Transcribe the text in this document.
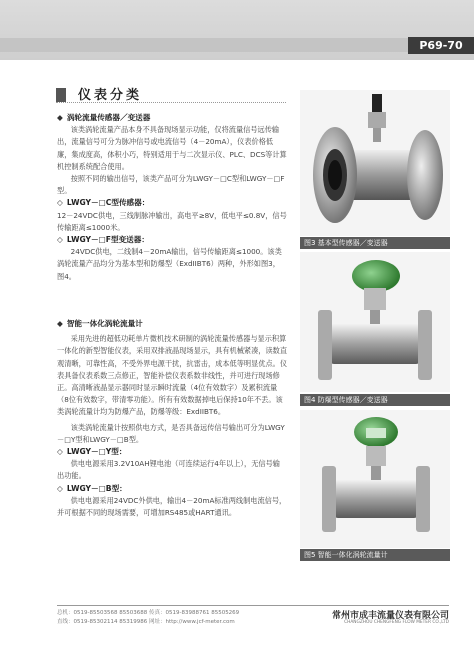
P69-70
仪表分类

◆ 涡轮流量传感器／变送器

该类涡轮流量产品本身不具备现场显示功能，仅将流量信号远传输出，流量信号可分为脉冲信号或电流信号（4－20mA），仪表价格低廉，集成度高，体积小巧，特别适用于与二次显示仪、PLC、DCS等计算机控制系统配合使用。

按照不同的输出信号，该类产品可分为LWGY－□C型和LWGY－□F型。

◇ LWGY－□C型传感器：

12－24VDC供电，三线制脉冲输出，高电平≥8V，低电平≤0.8V，信号传输距离≤1000米。

◇ LWGY－□F型变送器：

24VDC供电，二线制4－20mA输出，信号传输距离≤1000。该类涡轮流量产品均分为基本型和防爆型（ExdIIBT6）两种，外形如图3，图4。

◆ 智能一体化涡轮流量计

采用先进的超低功耗单片微机技术研制的涡轮流量传感器与显示积算一体化的新型智能仪表，采用双排液晶现场显示，具有机械紧凑，读数直观清晰，可靠性高，不受外界电源干扰，抗雷击，成本低等明显优点。仪表具备仪表系数三点修正，智能补偿仪表系数非线性，并可进行现场修正。高清晰液晶显示器同时显示瞬时流量（4位有效数字）及累积流量（8位有效数字，带清零功能）。所有有效数据掉电后保持10年不丢。该类涡轮流量计均为防爆产品，防爆等级：ExdIIBT6。

该类涡轮流量计按照供电方式，是否具备远传信号输出可分为LWGY－□Y型和LWGY－□B型。

◇ LWGY－□Y型：

供电电源采用3.2V10AH锂电池（可连续运行4年以上），无信号输出功能。

◇ LWGY－□B型：

供电电源采用24VDC外供电，输出4－20mA标准两线制电流信号，并可根据不同的现场需要，可增加RS485或HART通讯。

图3 基本型传感器／变送器
图4 防爆型传感器／变送器
图5 智能一体化涡轮流量计
总机：0519-85503568 85503688 传真：0519-83988761 85505269
直线：0519-85302114 85319986 网址：http://www.jcf-meter.com
常州市成丰流量仪表有限公司
CHANGZHOU CHENGFENG FLOW METER CO.,LTD
